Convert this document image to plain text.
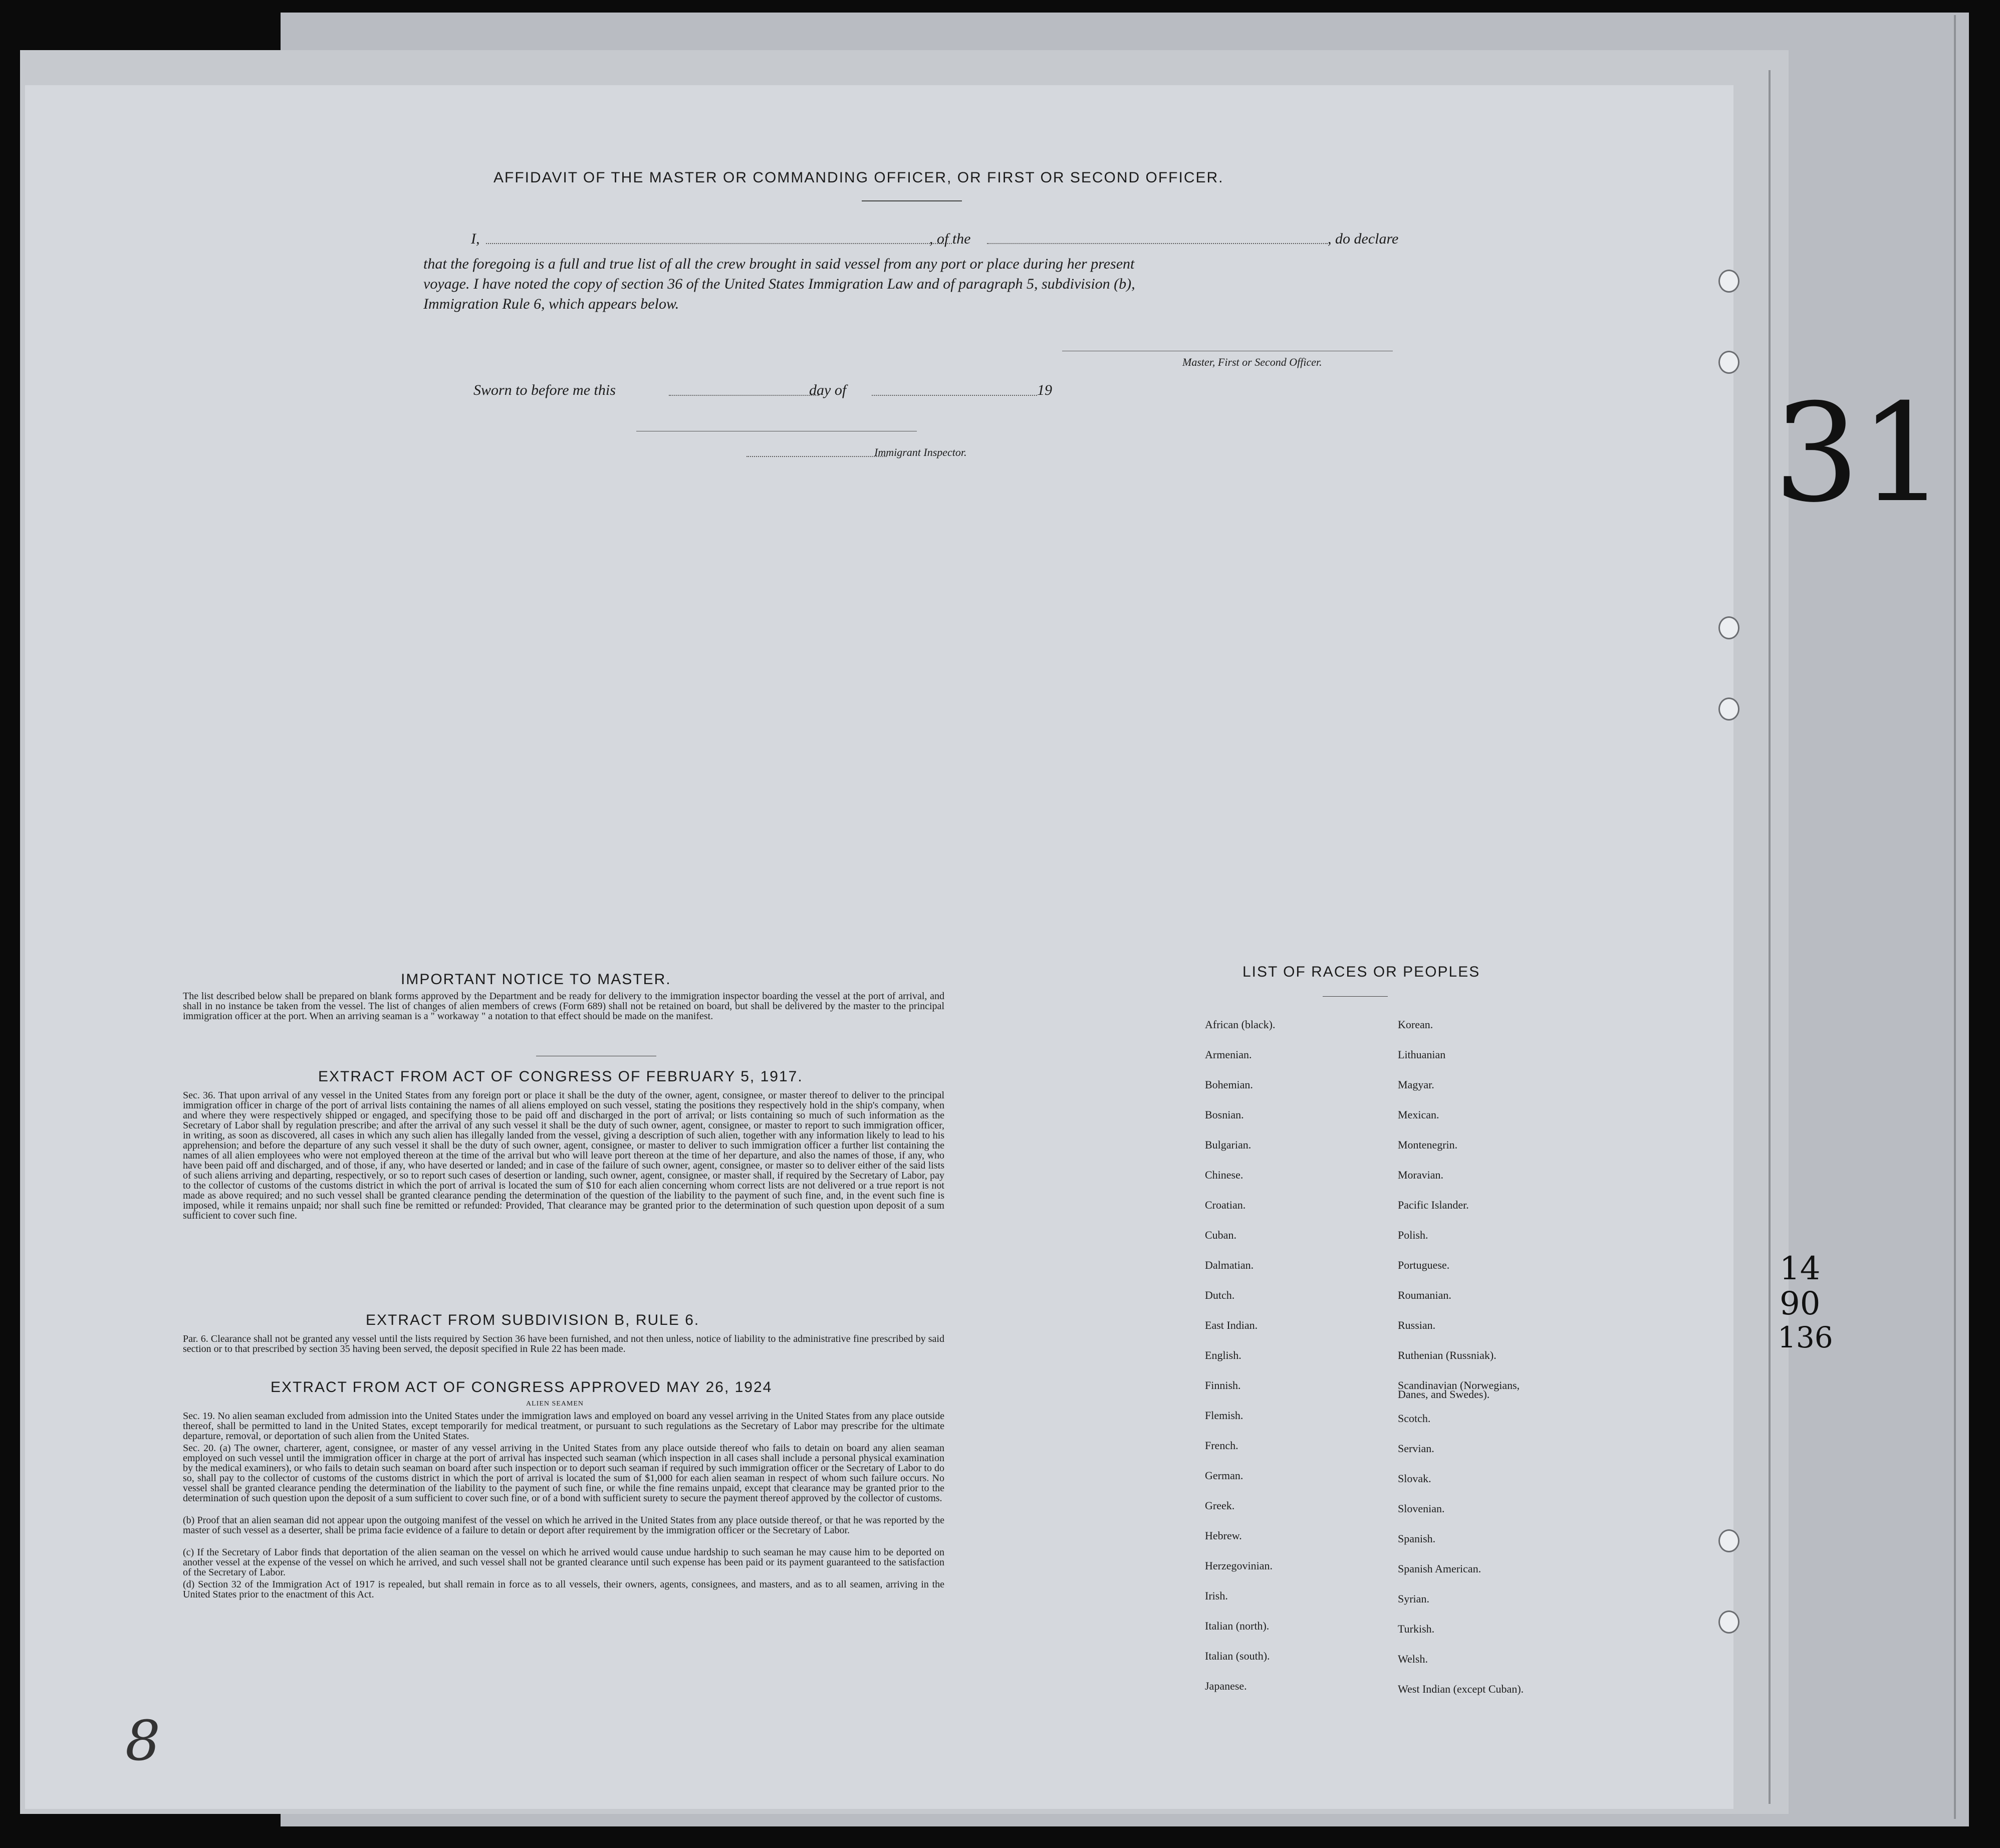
31
14
90
136
AFFIDAVIT OF THE MASTER OR COMMANDING OFFICER, OR FIRST OR SECOND OFFICER.
I,	, of the	, do declare
that the foregoing is a full and true list of all the crew brought in said vessel from any port or place during her present
voyage. I have noted the copy of section 36 of the United States Immigration Law and of paragraph 5, subdivision (b),
Immigration Rule 6, which appears below.
Master, First or Second Officer.
Sworn to before me this	day of	19
Immigrant Inspector.
IMPORTANT NOTICE TO MASTER.
The list described below shall be prepared on blank forms approved by the Department and be ready for delivery to the immigration inspector boarding the vessel at the port of arrival, and shall in no instance be taken from the vessel. The list of changes of alien members of crews (Form 689) shall not be retained on board, but shall be delivered by the master to the principal immigration officer at the port. When an arriving seaman is a " workaway " a notation to that effect should be made on the manifest.
EXTRACT FROM ACT OF CONGRESS OF FEBRUARY 5, 1917.
Sec. 36. That upon arrival of any vessel in the United States from any foreign port or place it shall be the duty of the owner, agent, consignee, or master thereof to deliver to the principal immigration officer in charge of the port of arrival lists containing the names of all aliens employed on such vessel, stating the positions they respectively hold in the ship's company, when and where they were respectively shipped or engaged, and specifying those to be paid off and discharged in the port of arrival; or lists containing so much of such information as the Secretary of Labor shall by regulation prescribe; and after the arrival of any such vessel it shall be the duty of such owner, agent, consignee, or master to report to such immigration officer, in writing, as soon as discovered, all cases in which any such alien has illegally landed from the vessel, giving a description of such alien, together with any information likely to lead to his apprehension; and before the departure of any such vessel it shall be the duty of such owner, agent, consignee, or master to deliver to such immigration officer a further list containing the names of all alien employees who were not employed thereon at the time of the arrival but who will leave port thereon at the time of her departure, and also the names of those, if any, who have been paid off and discharged, and of those, if any, who have deserted or landed; and in case of the failure of such owner, agent, consignee, or master so to deliver either of the said lists of such aliens arriving and departing, respectively, or so to report such cases of desertion or landing, such owner, agent, consignee, or master shall, if required by the Secretary of Labor, pay to the collector of customs of the customs district in which the port of arrival is located the sum of $10 for each alien concerning whom correct lists are not delivered or a true report is not made as above required; and no such vessel shall be granted clearance pending the determination of the question of the liability to the payment of such fine, and, in the event such fine is imposed, while it remains unpaid; nor shall such fine be remitted or refunded: Provided, That clearance may be granted prior to the determination of such question upon deposit of a sum sufficient to cover such fine.
EXTRACT FROM SUBDIVISION B, RULE 6.
Par. 6. Clearance shall not be granted any vessel until the lists required by Section 36 have been furnished, and not then unless, notice of liability to the administrative fine prescribed by said section or to that prescribed by section 35 having been served, the deposit specified in Rule 22 has been made.
EXTRACT FROM ACT OF CONGRESS APPROVED MAY 26, 1924
ALIEN SEAMEN
Sec. 19. No alien seaman excluded from admission into the United States under the immigration laws and employed on board any vessel arriving in the United States from any place outside thereof, shall be permitted to land in the United States, except temporarily for medical treatment, or pursuant to such regulations as the Secretary of Labor may prescribe for the ultimate departure, removal, or deportation of such alien from the United States.
Sec. 20. (a) The owner, charterer, agent, consignee, or master of any vessel arriving in the United States from any place outside thereof who fails to detain on board any alien seaman employed on such vessel until the immigration officer in charge at the port of arrival has inspected such seaman (which inspection in all cases shall include a personal physical examination by the medical examiners), or who fails to detain such seaman on board after such inspection or to deport such seaman if required by such immigration officer or the Secretary of Labor to do so, shall pay to the collector of customs of the customs district in which the port of arrival is located the sum of $1,000 for each alien seaman in respect of whom such failure occurs. No vessel shall be granted clearance pending the determination of the liability to the payment of such fine, or while the fine remains unpaid, except that clearance may be granted prior to the determination of such question upon the deposit of a sum sufficient to cover such fine, or of a bond with sufficient surety to secure the payment thereof approved by the collector of customs.
(b) Proof that an alien seaman did not appear upon the outgoing manifest of the vessel on which he arrived in the United States from any place outside thereof, or that he was reported by the master of such vessel as a deserter, shall be prima facie evidence of a failure to detain or deport after requirement by the immigration officer or the Secretary of Labor.
(c) If the Secretary of Labor finds that deportation of the alien seaman on the vessel on which he arrived would cause undue hardship to such seaman he may cause him to be deported on another vessel at the expense of the vessel on which he arrived, and such vessel shall not be granted clearance until such expense has been paid or its payment guaranteed to the satisfaction of the Secretary of Labor.
(d) Section 32 of the Immigration Act of 1917 is repealed, but shall remain in force as to all vessels, their owners, agents, consignees, and masters, and as to all seamen, arriving in the United States prior to the enactment of this Act.
LIST OF RACES OR PEOPLES
African (black).
Armenian.
Bohemian.
Bosnian.
Bulgarian.
Chinese.
Croatian.
Cuban.
Dalmatian.
Dutch.
East Indian.
English.
Finnish.
Flemish.
French.
German.
Greek.
Hebrew.
Herzegovinian.
Irish.
Italian (north).
Italian (south).
Japanese.
Korean.
Lithuanian
Magyar.
Mexican.
Montenegrin.
Moravian.
Pacific Islander.
Polish.
Portuguese.
Roumanian.
Russian.
Ruthenian (Russniak).
Scandinavian (Norwegians,
Scotch.
Servian.
Slovak.
Slovenian.
Spanish.
Spanish American.
Syrian.
Turkish.
Welsh.
West Indian (except Cuban).
Danes, and Swedes).
8
